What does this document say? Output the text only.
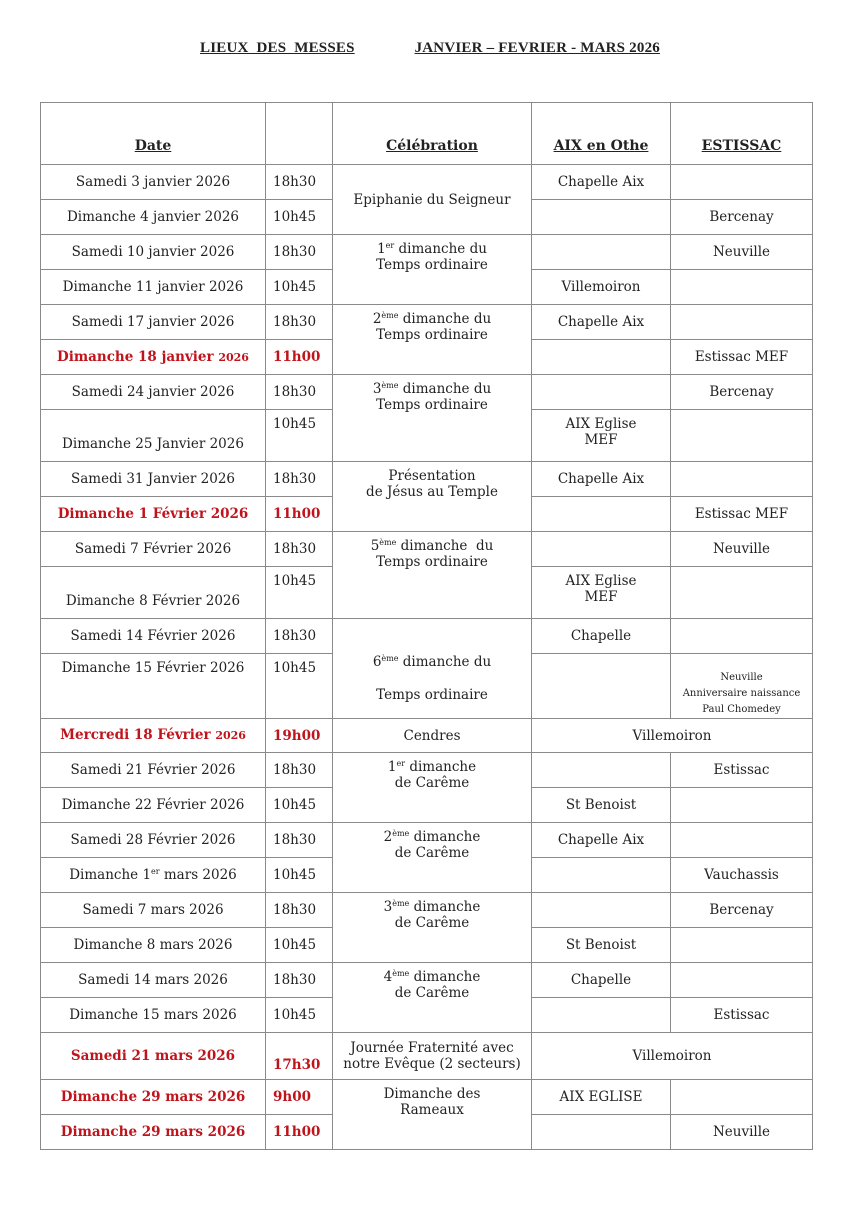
LIEUX DES MESSES	JANVIER – FEVRIER - MARS 2026
Date		Célébration	AIX en Othe	ESTISSAC
Samedi 3 janvier 2026	18h30	Epiphanie du Seigneur	Chapelle Aix	
Dimanche 4 janvier 2026	10h45			Bercenay
Samedi 10 janvier 2026	18h30	1er dimanche du
Temps ordinaire		Neuville
Dimanche 11 janvier 2026	10h45		Villemoiron	
Samedi 17 janvier 2026	18h30	2ème dimanche du
Temps ordinaire	Chapelle Aix	
Dimanche 18 janvier 2026	11h00			Estissac MEF
Samedi 24 janvier 2026	18h30	3ème dimanche du
Temps ordinaire		Bercenay
Dimanche 25 Janvier 2026	10h45		AIX Eglise
MEF	
Samedi 31 Janvier 2026	18h30	Présentation
de Jésus au Temple	Chapelle Aix	
Dimanche 1 Février 2026	11h00			Estissac MEF
Samedi 7 Février 2026	18h30	5ème dimanche  du
Temps ordinaire		Neuville
Dimanche 8 Février 2026	10h45		AIX Eglise
MEF	
Samedi 14 Février 2026	18h30	6ème dimanche du
Temps ordinaire	Chapelle	
Dimanche 15 Février 2026	10h45			Neuville
Anniversaire naissance
Paul Chomedey
Mercredi 18 Février 2026	19h00	Cendres	Villemoiron	
Samedi 21 Février 2026	18h30	1er dimanche
de Carême		Estissac
Dimanche 22 Février 2026	10h45		St Benoist	
Samedi 28 Février 2026	18h30	2ème dimanche
de Carême	Chapelle Aix	
Dimanche 1er mars 2026	10h45			Vauchassis
Samedi 7 mars 2026	18h30	3ème dimanche
de Carême		Bercenay
Dimanche 8 mars 2026	10h45		St Benoist	
Samedi 14 mars 2026	18h30	4ème dimanche
de Carême	Chapelle	
Dimanche 15 mars 2026	10h45			Estissac
Samedi 21 mars 2026	17h30	Journée Fraternité avec
notre Evêque (2 secteurs)	Villemoiron	
Dimanche 29 mars 2026	9h00	Dimanche des
Rameaux	AIX EGLISE	
Dimanche 29 mars 2026	11h00			Neuville
